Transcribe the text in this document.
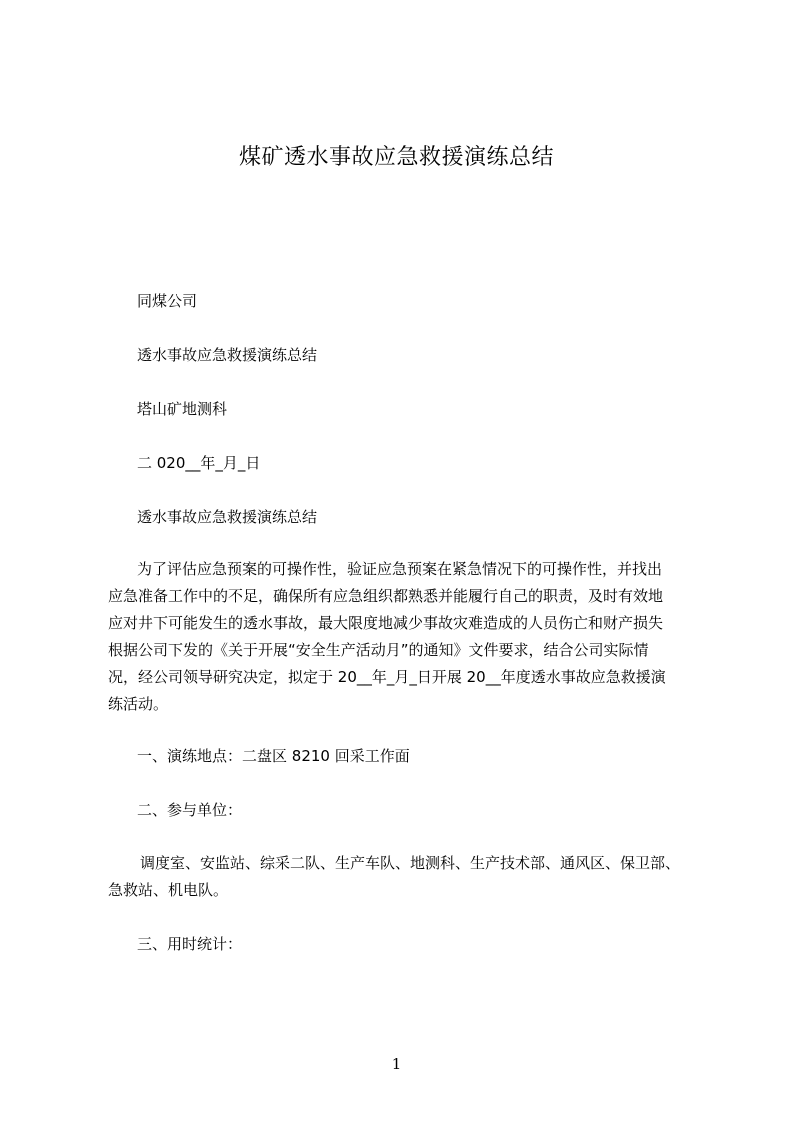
煤矿透水事故应急救援演练总结
同煤公司
透水事故应急救援演练总结
塔山矿地测科
二 020__年_月_日
透水事故应急救援演练总结
为了评估应急预案的可操作性，验证应急预案在紧急情况下的可操作性，并找出
应急准备工作中的不足，确保所有应急组织都熟悉并能履行自己的职责，及时有效地
应对井下可能发生的透水事故，最大限度地减少事故灾难造成的人员伤亡和财产损失
根据公司下发的《关于开展“安全生产活动月”的通知》文件要求，结合公司实际情
况，经公司领导研究决定，拟定于 20__年_月_日开展 20__年度透水事故应急救援演
练活动。
一、演练地点：二盘区 8210 回采工作面
二、参与单位：
调度室、安监站、综采二队、生产车队、地测科、生产技术部、通风区、保卫部、
急救站、机电队。
三、用时统计：
1
